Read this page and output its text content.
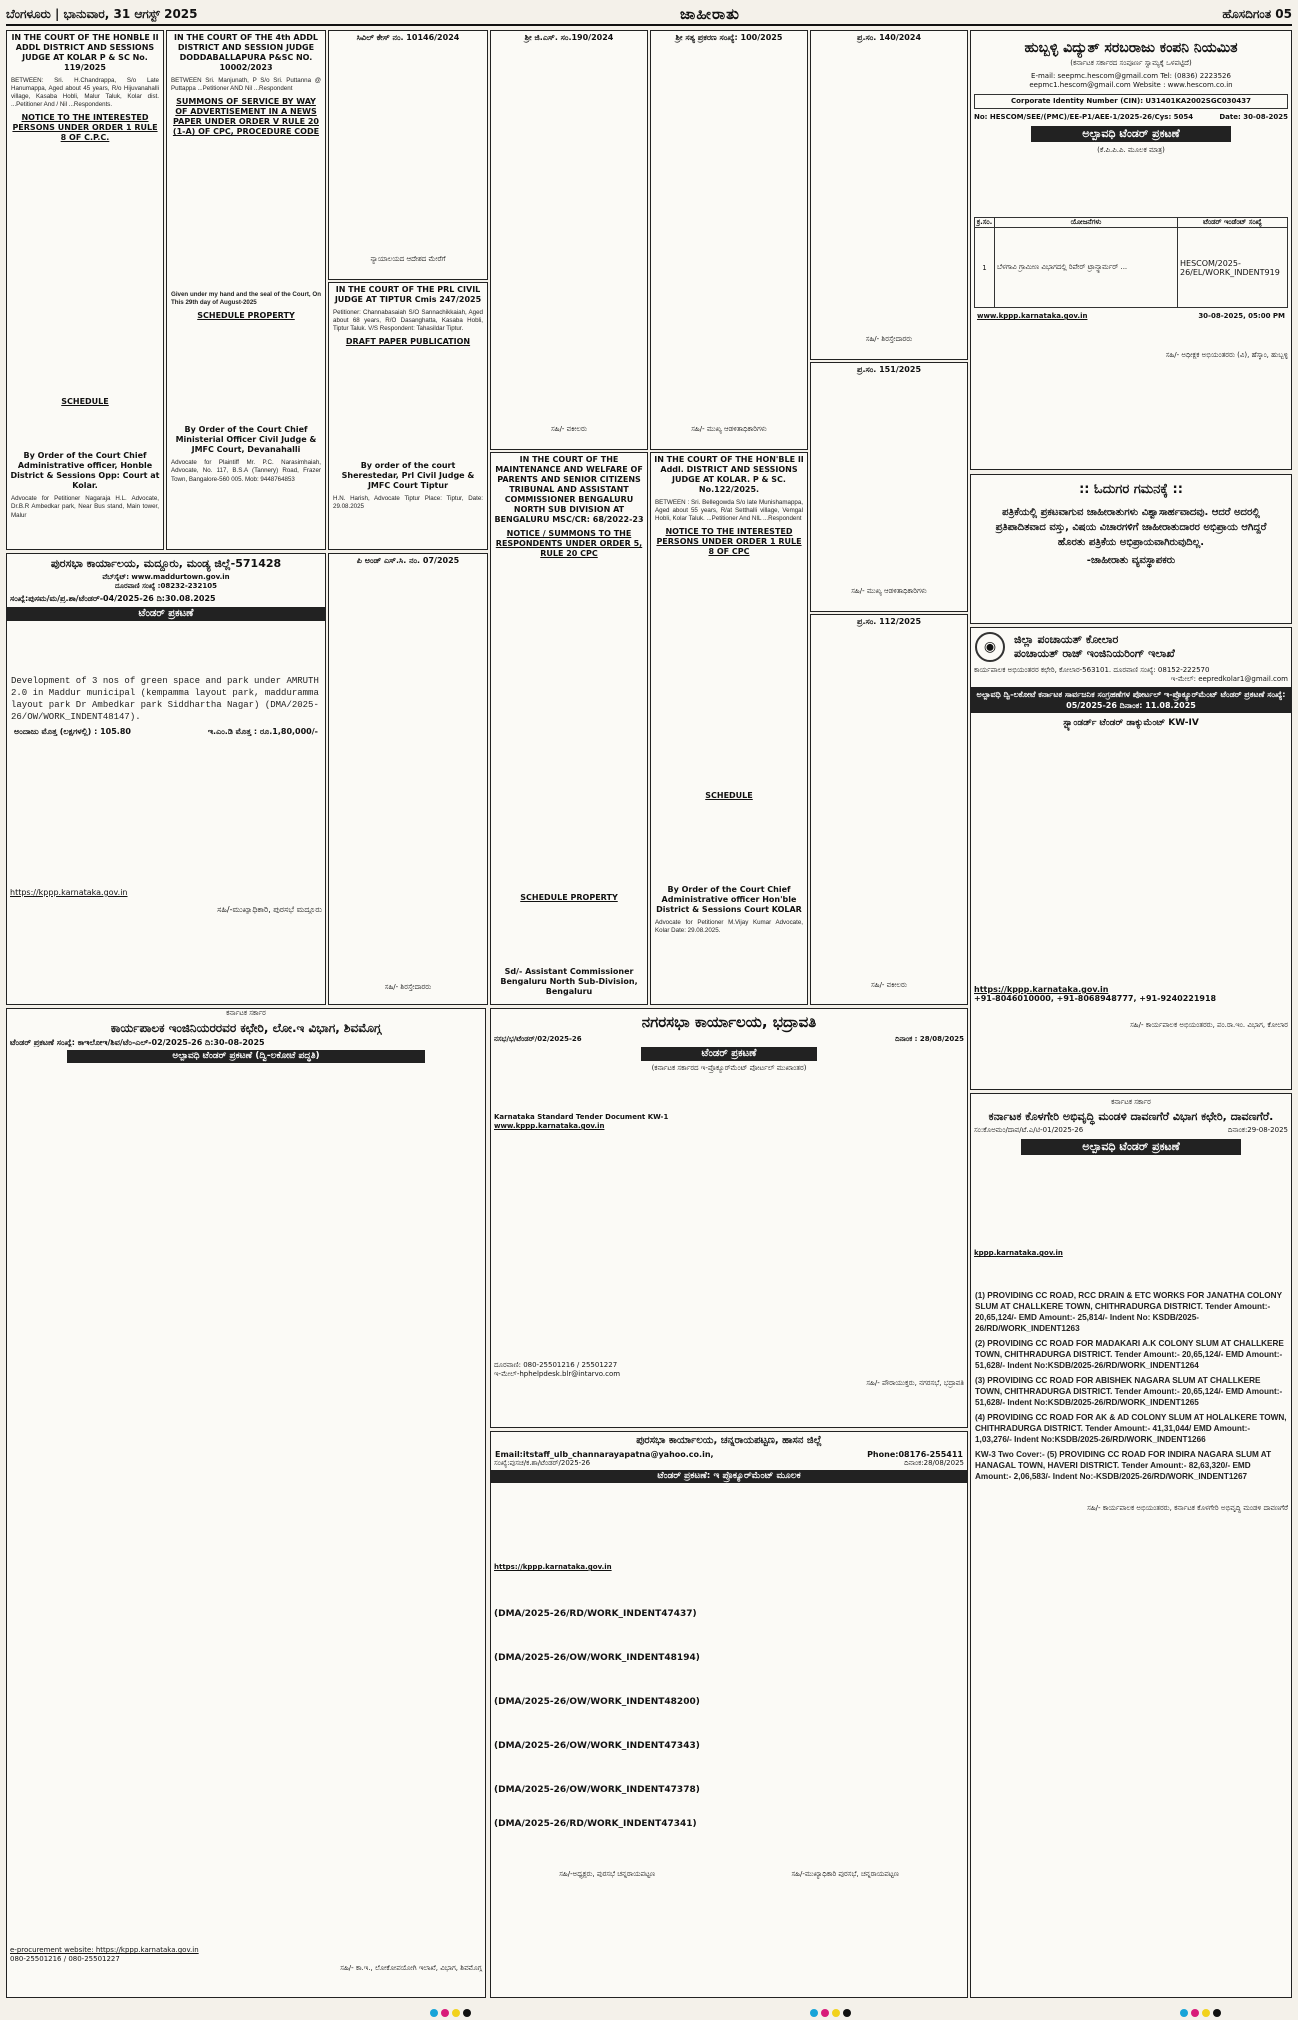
ಬೆಂಗಳೂರು | ಭಾನುವಾರ, 31 ಆಗಸ್ಟ್ 2025	ಜಾಹೀರಾತು	ಹೊಸದಿಗಂತ 05
IN THE COURT OF THE HONBLE II ADDL DISTRICT AND SESSIONS JUDGE AT KOLAR P & SC No. 119/2025
BETWEEN: Sri. H.Chandrappa, S/o Late Hanumappa, Aged about 45 years, R/o Hijuvanahalli village, Kasaba Hobli, Malur Taluk, Kolar dist. ...Petitioner And / Nil ...Respondents.
NOTICE TO THE INTERESTED PERSONS UNDER ORDER 1 RULE 8 OF C.P.C.
SCHEDULE
By Order of the Court Chief Administrative officer, Honble District & Sessions Opp: Court at Kolar.
Advocate for Petitioner Nagaraja H.L. Advocate, Dr.B.R Ambedkar park, Near Bus stand, Main tower, Malur
IN THE COURT OF THE 4th ADDL DISTRICT AND SESSION JUDGE DODDABALLAPURA P&SC NO. 10002/2023
BETWEEN Sri. Manjunath, P S/o Sri. Puttanna @ Puttappa ...Petitioner AND Nil ...Respondent
SUMMONS OF SERVICE BY WAY OF ADVERTISEMENT IN A NEWS PAPER UNDER ORDER V RULE 20 (1-A) OF CPC, PROCEDURE CODE
Given under my hand and the seal of the Court, On This 29th day of August-2025
SCHEDULE PROPERTY
By Order of the Court Chief Ministerial Officer Civil Judge & JMFC Court, Devanahalli
Advocate for Plaintiff Mr. P.C. Narasimhaiah, Advocate, No. 117, B.S.A (Tannery) Road, Frazer Town, Bangalore-560 005. Mob: 9448764853
ಸಿವಿಲ್ ಕೇಸ್ ನಂ. 10146/2024
ನ್ಯಾಯಾಲಯದ ಆದೇಶದ ಮೇರೆಗೆ
IN THE COURT OF THE PRL CIVIL JUDGE AT TIPTUR Cmis 247/2025
Petitioner: Channabasaiah S/O Sannachikkaiah, Aged about 68 years, R/O Dasanghatta, Kasaba Hobli, Tiptur Taluk. V/S Respondent: Tahasildar Tiptur.
DRAFT PAPER PUBLICATION
By order of the court Sherestedar, Prl Civil Judge & JMFC Court Tiptur
H.N. Harish, Advocate Tiptur Place: Tiptur, Date: 29.08.2025
ಶ್ರೀ ಜಿ.ಎಸ್. ಸಂ.190/2024
ಸಹಿ/- ವಕೀಲರು
ಶ್ರೀ ಸತ್ಯ ಪ್ರಕರಣ ಸಂಖ್ಯೆ: 100/2025
ಸಹಿ/- ಮುಖ್ಯ ಆಡಳಿತಾಧಿಕಾರಿಗಳು
ಪ್ರ.ಸಂ. 140/2024
ಸಹಿ/- ಶಿರಸ್ತೇದಾರರು
ಪ್ರ.ಸಂ. 151/2025
ಸಹಿ/- ಮುಖ್ಯ ಆಡಳಿತಾಧಿಕಾರಿಗಳು
ಹುಬ್ಬಳ್ಳಿ ವಿದ್ಯುತ್ ಸರಬರಾಜು ಕಂಪನಿ ನಿಯಮಿತ
(ಕರ್ನಾಟಕ ಸರ್ಕಾರದ ಸಂಪೂರ್ಣ ಸ್ವಾಮ್ಯಕ್ಕೆ ಒಳಪಟ್ಟಿದೆ)
E-mail: seepmc.hescom@gmail.com Tel: (0836) 2223526
eepmc1.hescom@gmail.com Website : www.hescom.co.in
Corporate Identity Number (CIN): U31401KA2002SGC030437
No: HESCOM/SEE/(PMC)/EE-P1/AEE-1/2025-26/Cys: 5054	Date: 30-08-2025
ಅಲ್ಪಾವಧಿ ಟೆಂಡರ್ ಪ್ರಕಟಣೆ
(ಕೆ.ಪಿ.ಪಿ.ಪಿ. ಮೂಲಕ ಮಾತ್ರ)
ಕ್ರ.ಸಂ.	ಯೋಜನೆಗಳು	ಟೆಂಡರ್ ಇಂಡೆಂಟ್ ಸಂಖ್ಯೆ
1	ಬೆಳಗಾವಿ ಗ್ರಾಮೀಣ ವಿಭಾಗದಲ್ಲಿ ರಿಪೇರ್ ಟ್ರಾನ್ಸ್ಫಾರ್ಮರ್ ...	HESCOM/2025-26/EL/WORK_INDENT919
www.kppp.karnataka.gov.in	30-08-2025, 05:00 PM
ಸಹಿ/- ಅಧೀಕ್ಷಕ ಅಭಿಯಂತರರು (ವಿ), ಹೆಸ್ಕಾಂ, ಹುಬ್ಬಳ್ಳಿ
:: ಓದುಗರ ಗಮನಕ್ಕೆ ::
ಪತ್ರಿಕೆಯಲ್ಲಿ ಪ್ರಕಟವಾಗುವ ಜಾಹೀರಾತುಗಳು ವಿಶ್ವಾಸಾರ್ಹವಾದವು. ಆದರೆ ಅದರಲ್ಲಿ ಪ್ರತಿಪಾದಿತವಾದ ವಸ್ತು, ವಿಷಯ ವಿಚಾರಗಳಿಗೆ ಜಾಹೀರಾತುದಾರರ ಅಭಿಪ್ರಾಯ ಆಗಿದ್ದರೆ ಹೊರತು ಪತ್ರಿಕೆಯ ಅಭಿಪ್ರಾಯವಾಗಿರುವುದಿಲ್ಲ.
-ಜಾಹೀರಾತು ವ್ಯವಸ್ಥಾಪಕರು
ಪುರಸಭಾ ಕಾರ್ಯಾಲಯ, ಮದ್ದೂರು, ಮಂಡ್ಯ ಜಿಲ್ಲೆ-571428
ವೆಬ್‌ಸೈಟ್: www.maddurtown.gov.in
ದೂರವಾಣಿ ಸಂಖ್ಯೆ :08232-232105
ಸಂಖ್ಯೆ:ಪುಸಮ/ಮ/ಪ್ರ.ಶಾ/ಟೆಂಡರ್-04/2025-26 ದಿ:30.08.2025
ಟೆಂಡರ್ ಪ್ರಕಟಣೆ
Development of 3 nos of green space and park under AMRUTH 2.0 in Maddur municipal (kempamma layout park, madduramma layout park Dr Ambedkar park Siddhartha Nagar) (DMA/2025-26/OW/WORK_INDENT48147).
ಅಂದಾಜು ಮೊತ್ತ (ಲಕ್ಷಗಳಲ್ಲಿ) : 105.80	ಇ.ಎಂ.ಡಿ ಮೊತ್ತ : ರೂ.1,80,000/-
https://kppp.karnataka.gov.in
ಸಹಿ/-ಮುಖ್ಯಾಧಿಕಾರಿ, ಪುರಸಭೆ ಮದ್ದೂರು
ಪಿ ಅಂಡ್ ಎಸ್.ಸಿ. ನಂ. 07/2025
ಸಹಿ/- ಶಿರಸ್ತೇದಾರರು
IN THE COURT OF THE MAINTENANCE AND WELFARE OF PARENTS AND SENIOR CITIZENS TRIBUNAL AND ASSISTANT COMMISSIONER BENGALURU NORTH SUB DIVISION AT BENGALURU MSC/CR: 68/2022-23
NOTICE / SUMMONS TO THE RESPONDENTS UNDER ORDER 5, RULE 20 CPC
SCHEDULE PROPERTY
Sd/- Assistant Commissioner Bengaluru North Sub-Division, Bengaluru
IN THE COURT OF THE HON'BLE II Addl. DISTRICT AND SESSIONS JUDGE AT KOLAR. P & SC. No.122/2025.
BETWEEN : Sri. Bellegowda S/o late Munishamappa, Aged about 55 years, R/at Setthalli village, Vemgal Hobli, Kolar Taluk. ...Petitioner And NIL ...Respondent
NOTICE TO THE INTERESTED PERSONS UNDER ORDER 1 RULE 8 OF CPC
SCHEDULE
By Order of the Court Chief Administrative officer Hon'ble District & Sessions Court KOLAR
Advocate for Petitioner M.Vijay Kumar Advocate, Kolar Date: 29.08.2025.
ಪ್ರ.ಸಂ. 112/2025
ಸಹಿ/- ವಕೀಲರು
◉	ಜಿಲ್ಲಾ ಪಂಚಾಯತ್ ಕೋಲಾರ
ಪಂಚಾಯತ್ ರಾಜ್ ಇಂಜಿನಿಯರಿಂಗ್ ಇಲಾಖೆ
ಕಾರ್ಯಪಾಲಕ ಅಭಿಯಂತರರ ಕಛೇರಿ, ಕೋಲಾರ-563101. ದೂರವಾಣಿ ಸಂಖ್ಯೆ: 08152-222570
ಇ-ಮೇಲ್: eepredkolar1@gmail.com
ಅಲ್ಪಾವಧಿ ದ್ವಿ-ಲಕೋಟೆ ಕರ್ನಾಟಕ ಸಾರ್ವಜನಿಕ ಸಂಗ್ರಹಣೆಗಳ ಪೋರ್ಟಲ್ ಇ-ಪ್ರೊಕ್ಯೂರ್‌ಮೆಂಟ್ ಟೆಂಡರ್ ಪ್ರಕಟಣೆ ಸಂಖ್ಯೆ: 05/2025-26 ದಿನಾಂಕ: 11.08.2025
ಸ್ಟ್ಯಾಂಡರ್ಡ್ ಟೆಂಡರ್ ಡಾಕ್ಯುಮೆಂಟ್ KW-IV
https://kppp.karnataka.gov.in
+91-8046010000, +91-8068948777, +91-9240221918
ಸಹಿ/- ಕಾರ್ಯಪಾಲಕ ಅಭಿಯಂತರರು, ಪಂ.ರಾ.ಇಂ. ವಿಭಾಗ, ಕೋಲಾರ
ಕರ್ನಾಟಕ ಸರ್ಕಾರ
ಕಾರ್ಯಪಾಲಕ ಇಂಜಿನಿಯರರವರ ಕಛೇರಿ, ಲೋ.ಇ ವಿಭಾಗ, ಶಿವಮೊಗ್ಗ
ಟೆಂಡರ್ ಪ್ರಕಟಣೆ ಸಂಖ್ಯೆ: ಕಾಇಲೋಇ/ಶಿವ/ಟೆಂ-ಎಲ್-02/2025-26 ದಿ:30-08-2025
ಅಲ್ಪಾವಧಿ ಟೆಂಡರ್ ಪ್ರಕಟಣೆ (ದ್ವಿ-ಲಕೋಟೆ ಪದ್ಧತಿ)
e-procurement website: https://kppp.karnataka.gov.in
080-25501216 / 080-25501227
ಸಹಿ/- ಕಾ.ಇ., ಲೋಕೋಪಯೋಗಿ ಇಲಾಖೆ, ವಿಭಾಗ, ಶಿವಮೊಗ್ಗ
ನಗರಸಭಾ ಕಾರ್ಯಾಲಯ, ಭದ್ರಾವತಿ
ನಸಭ/ಭ/ಟೆಂಡರ್/02/2025-26	ದಿನಾಂಕ : 28/08/2025
ಟೆಂಡರ್ ಪ್ರಕಟಣೆ
(ಕರ್ನಾಟಕ ಸರ್ಕಾರದ ಇ-ಪ್ರೊಕ್ಯೂರ್‌ಮೆಂಟ್ ಪೋರ್ಟಲ್ ಮುಖಾಂತರ)
Karnataka Standard Tender Document KW-1
www.kppp.karnataka.gov.in
ದೂರವಾಣಿ: 080-25501216 / 25501227
ಇ-ಮೇಲ್-hphelpdesk.blr@intarvo.com
ಸಹಿ/- ಪೌರಾಯುಕ್ತರು, ನಗರಸಭೆ, ಭದ್ರಾವತಿ
ಪುರಸಭಾ ಕಾರ್ಯಾಲಯ, ಚನ್ನರಾಯಪಟ್ಟಣ, ಹಾಸನ ಜಿಲ್ಲೆ
Email:itstaff_ulb_channarayapatna@yahoo.co.in,	Phone:08176-255411
ಸಂಖ್ಯೆ:ಪುಸಚ/ಕ.ಶಾ/ಟೆಂಡರ್/2025-26	ದಿನಾಂಕ:28/08/2025
ಟೆಂಡರ್ ಪ್ರಕಟಣೆ: ಇ ಪ್ರೊಕ್ಯೂರ್‌ಮೆಂಟ್ ಮೂಲಕ
https://kppp.karnataka.gov.in
(DMA/2025-26/RD/WORK_INDENT47437)
(DMA/2025-26/OW/WORK_INDENT48194)
(DMA/2025-26/OW/WORK_INDENT48200)
(DMA/2025-26/OW/WORK_INDENT47343)
(DMA/2025-26/OW/WORK_INDENT47378)
(DMA/2025-26/RD/WORK_INDENT47341)
ಸಹಿ/-ಅಧ್ಯಕ್ಷರು, ಪುರಸಭೆ ಚನ್ನರಾಯಪಟ್ಟಣ	ಸಹಿ/-ಮುಖ್ಯಾಧಿಕಾರಿ ಪುರಸಭೆ, ಚನ್ನರಾಯಪಟ್ಟಣ
ಕರ್ನಾಟಕ ಸರ್ಕಾರ
ಕರ್ನಾಟಕ ಕೊಳಗೇರಿ ಅಭಿವೃದ್ಧಿ ಮಂಡಳಿ ದಾವಣಗೆರೆ ವಿಭಾಗ ಕಛೇರಿ, ದಾವಣಗೆರೆ.
ಸಂ:ಕೊಅಮಂ/ದಾವ/ಟೆ.ಎ/ಟಿ-01/2025-26	ದಿನಾಂಕ:29-08-2025
ಅಲ್ಪಾವಧಿ ಟೆಂಡರ್ ಪ್ರಕಟಣೆ
kppp.karnataka.gov.in
(1) PROVIDING CC ROAD, RCC DRAIN & ETC WORKS FOR JANATHA COLONY SLUM AT CHALLKERE TOWN, CHITHRADURGA DISTRICT. Tender Amount:- 20,65,124/- EMD Amount:- 25,814/- Indent No: KSDB/2025-26/RD/WORK_INDENT1263
(2) PROVIDING CC ROAD FOR MADAKARI A.K COLONY SLUM AT CHALLKERE TOWN, CHITHRADURGA DISTRICT. Tender Amount:- 20,65,124/- EMD Amount:- 51,628/- Indent No:KSDB/2025-26/RD/WORK_INDENT1264
(3) PROVIDING CC ROAD FOR ABISHEK NAGARA SLUM AT CHALLKERE TOWN, CHITHRADURGA DISTRICT. Tender Amount:- 20,65,124/- EMD Amount:- 51,628/- Indent No:KSDB/2025-26/RD/WORK_INDENT1265
(4) PROVIDING CC ROAD FOR AK & AD COLONY SLUM AT HOLALKERE TOWN, CHITHRADURGA DISTRICT. Tender Amount:- 41,31,044/ EMD Amount:- 1,03,276/- Indent No:KSDB/2025-26/RD/WORK_INDENT1266
KW-3 Two Cover:- (5) PROVIDING CC ROAD FOR INDIRA NAGARA SLUM AT HANAGAL TOWN, HAVERI DISTRICT. Tender Amount:- 82,63,320/- EMD Amount:- 2,06,583/- Indent No:-KSDB/2025-26/RD/WORK_INDENT1267
ಸಹಿ/- ಕಾರ್ಯಪಾಲಕ ಅಭಿಯಂತರರು, ಕರ್ನಾಟಕ ಕೊಳಗೇರಿ ಅಭಿವೃದ್ಧಿ ಮಂಡಳಿ ದಾವಣಗೆರೆ
